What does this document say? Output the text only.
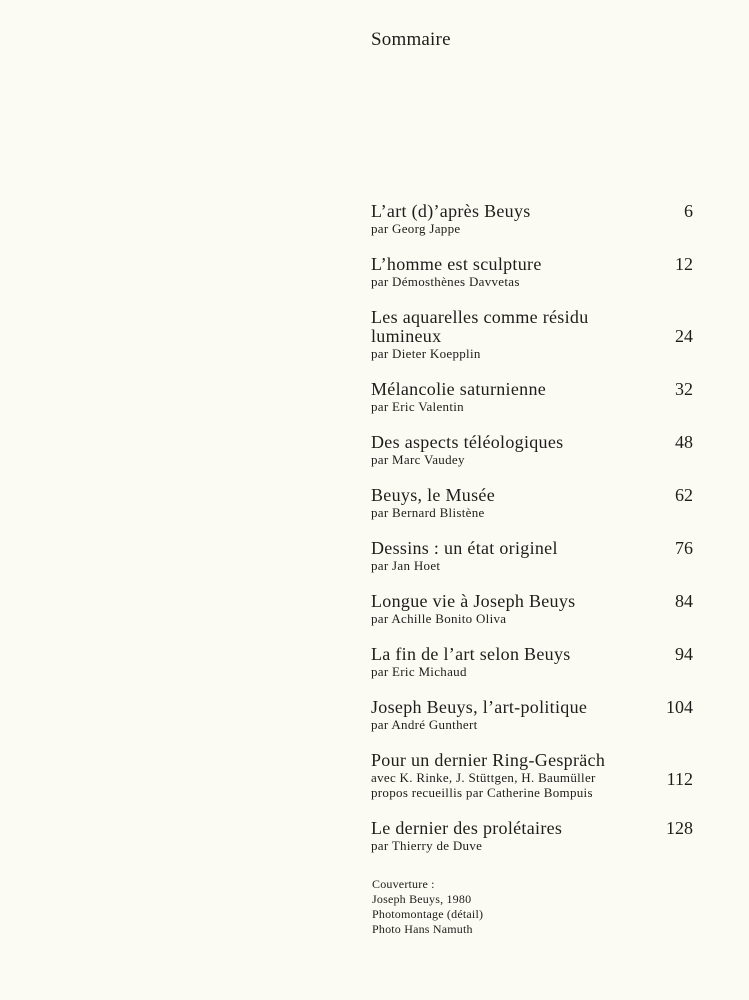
Sommaire
L’art (d)’après Beuys
par Georg Jappe
6
L’homme est sculpture
par Démosthènes Davvetas
12
Les aquarelles comme résidu lumineux
par Dieter Koepplin
24
Mélancolie saturnienne
par Eric Valentin
32
Des aspects téléologiques
par Marc Vaudey
48
Beuys, le Musée
par Bernard Blistène
62
Dessins : un état originel
par Jan Hoet
76
Longue vie à Joseph Beuys
par Achille Bonito Oliva
84
La fin de l’art selon Beuys
par Eric Michaud
94
Joseph Beuys, l’art-politique
par André Gunthert
104
Pour un dernier Ring-Gespräch
avec K. Rinke, J. Stüttgen, H. Baumüller
propos recueillis par Catherine Bompuis
112
Le dernier des prolétaires
par Thierry de Duve
128
Couverture :
Joseph Beuys, 1980
Photomontage (détail)
Photo Hans Namuth
